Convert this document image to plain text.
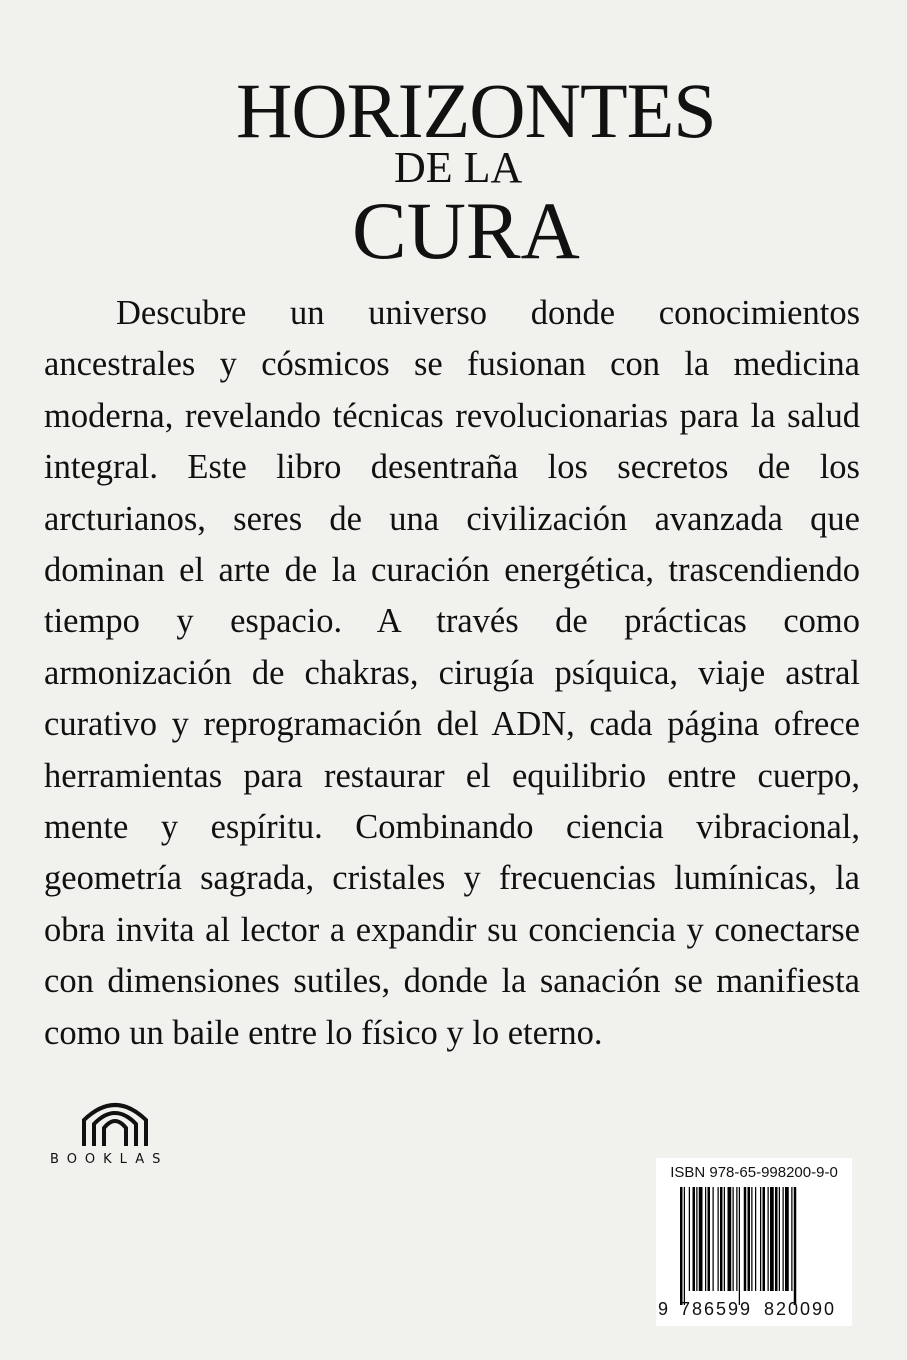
HORIZONTES
DE LA
CURA

Descubre un universo donde conocimientos ancestrales y cósmicos se fusionan con la medicina moderna, revelando técnicas revolucionarias para la salud integral. Este libro desentraña los secretos de los arcturianos, seres de una civilización avanzada que dominan el arte de la curación energética, trascendiendo tiempo y espacio. A través de prácticas como armonización de chakras, cirugía psíquica, viaje astral curativo y reprogramación del ADN, cada página ofrece herramientas para restaurar el equilibrio entre cuerpo, mente y espíritu. Combinando ciencia vibracional, geometría sagrada, cristales y frecuencias lumínicas, la obra invita al lector a expandir su conciencia y conectarse con dimensiones sutiles, donde la sanación se manifiesta como un baile entre lo físico y lo eterno.

BOOKLAS
ISBN 978-65-998200-9-0
9 786599 820090
